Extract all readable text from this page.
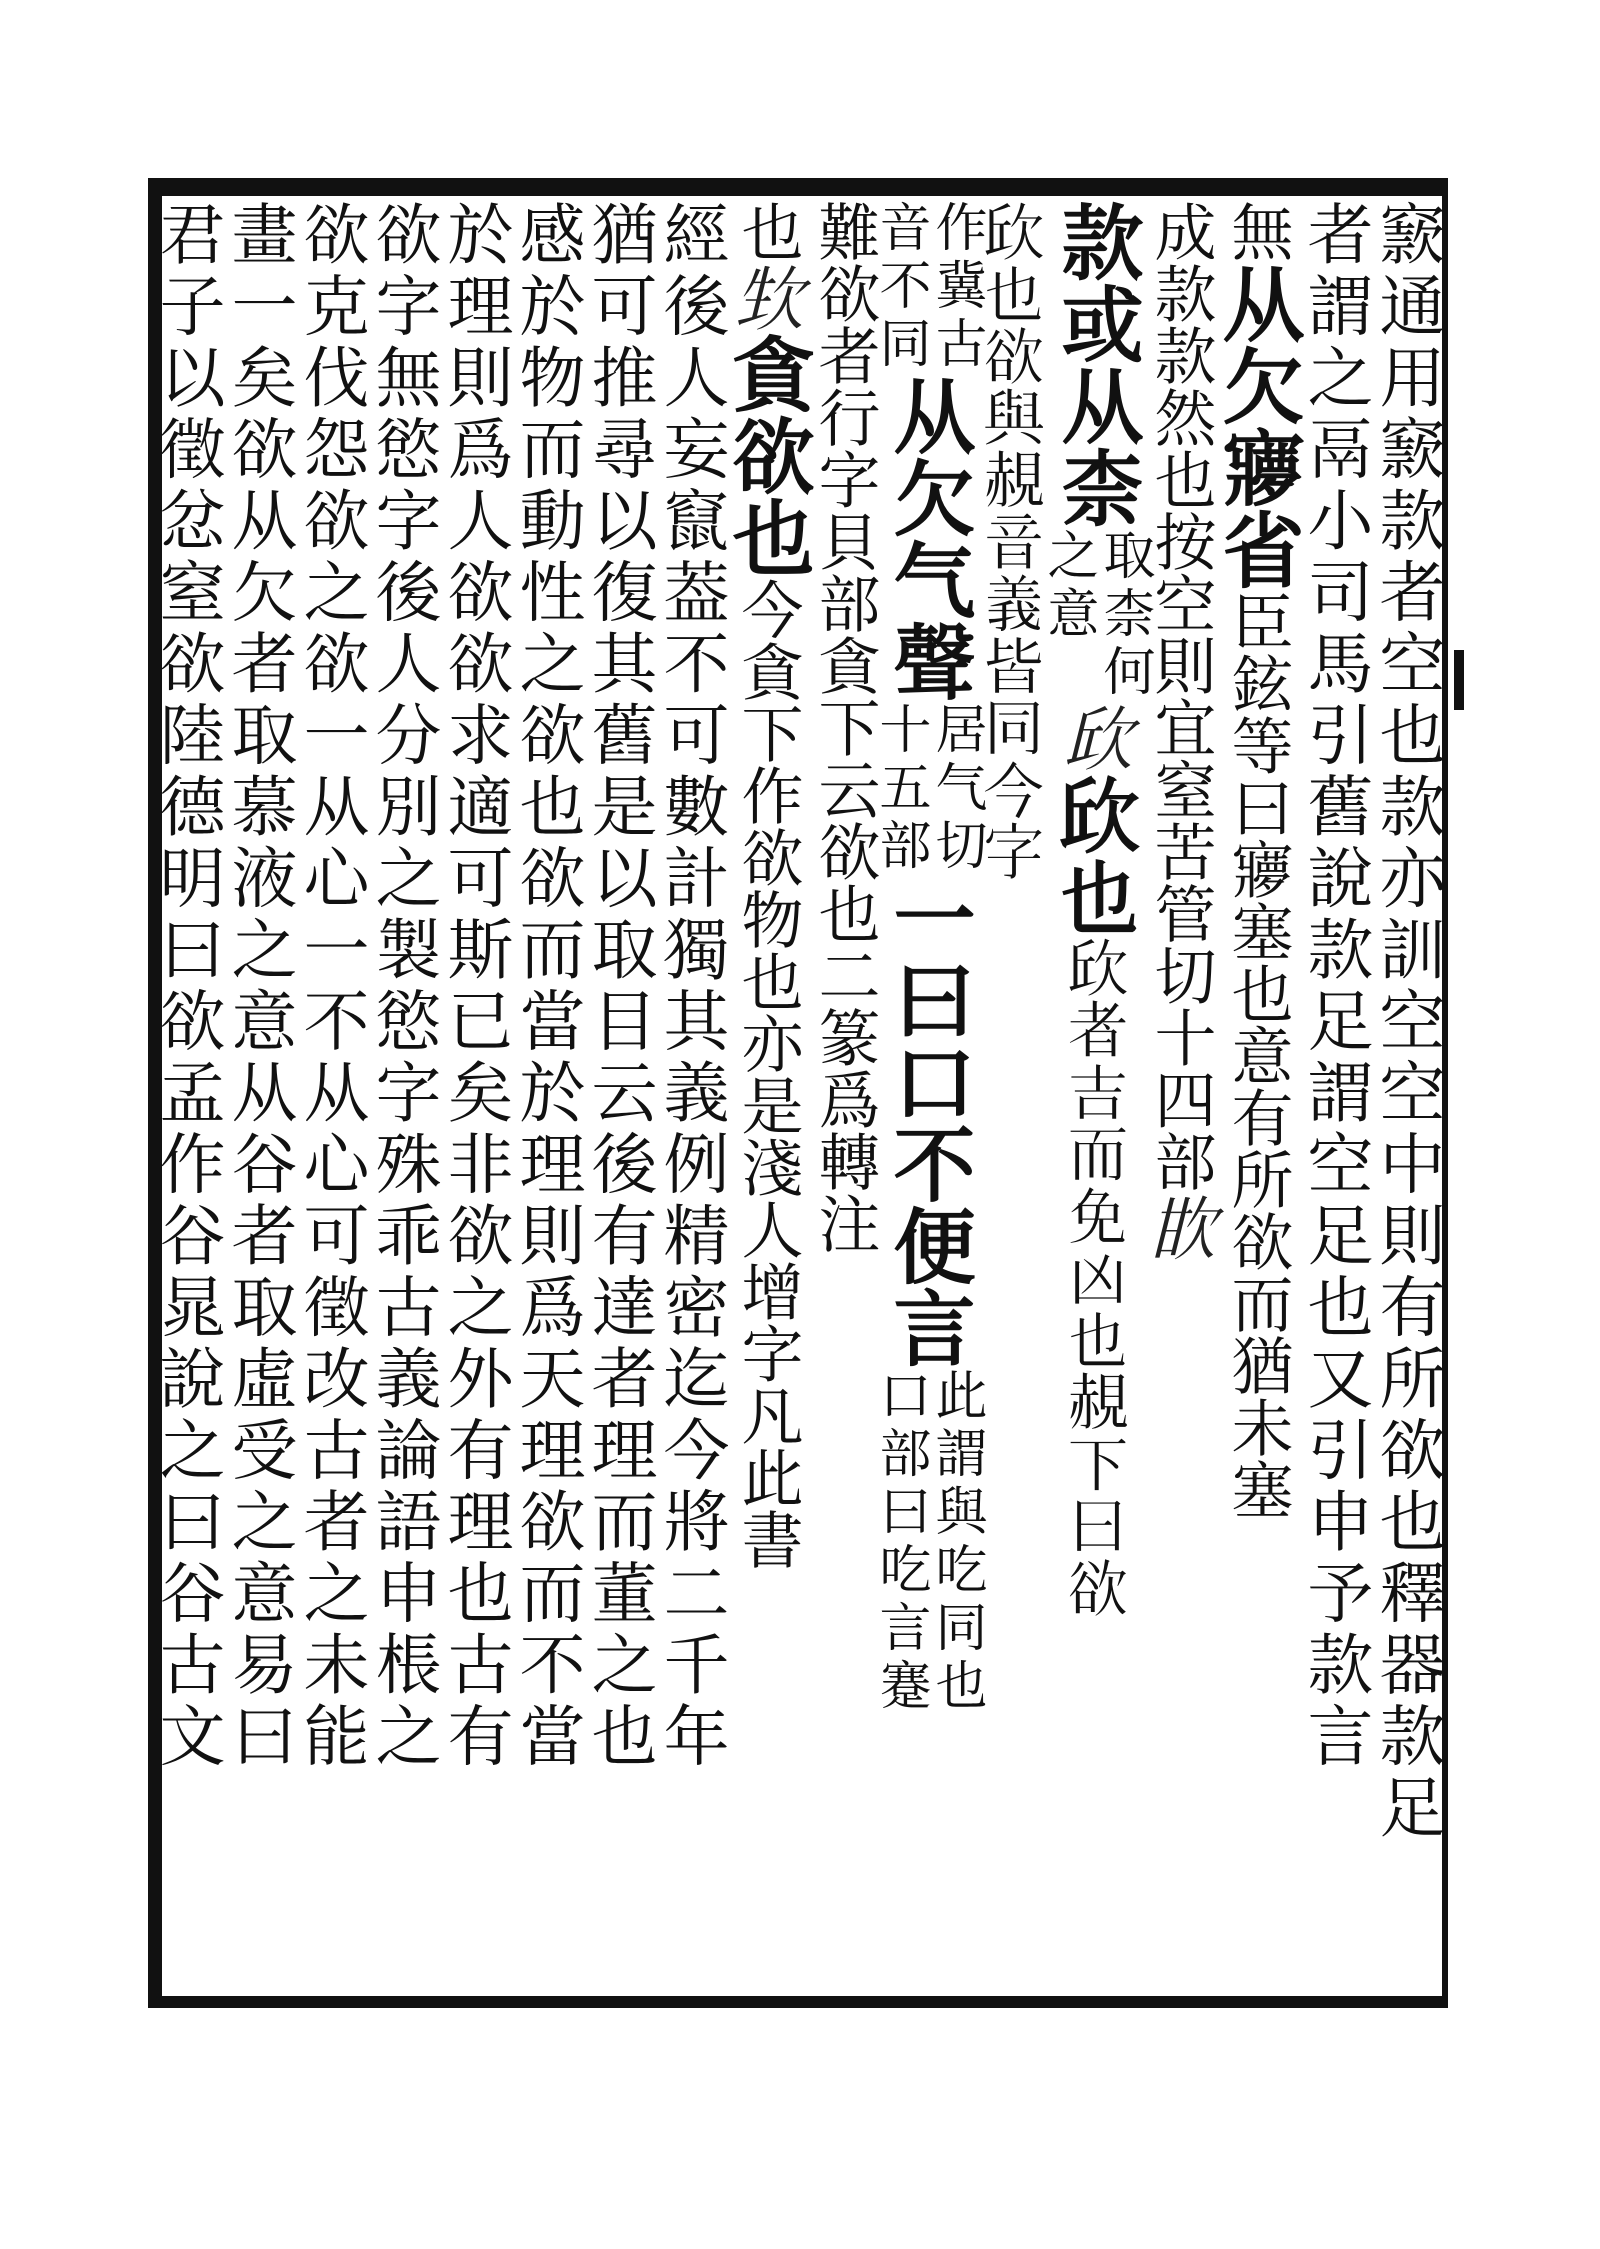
窾通用窾款者空也款亦訓空空中則有所欲也釋器款足
者謂之鬲小司馬引舊說款足謂空足也又引申予款言
無
从欠㝱省
臣鉉等曰㝱塞也意有所欲而猶未塞
成
款款然也按空則宜窒苦管切十四部
𣢟
款或从柰
取柰何
之意
𣢥
𣢥也
𣢥者吉而免凶也䚂下曰欲
𣢥也欲與䚂音義皆同今字
作冀古
音不同
从欠气聲
居气切
十五部
一曰口不便言
此謂與吃同也
口部曰吃言蹇
難
欲者行字貝部貪下云欲也二篆爲轉注
也
𣢡
貪欲也
今貪下作欲物也亦是淺人增字凡此書
經後人妄竄葢不可數計獨其義例精密迄今將二千年
猶可推尋以復其舊是以取目云後有達者理而董之也
感於物而動性之欲也欲而當於理則爲天理欲而不當
於理則爲人欲欲求適可斯已矣非欲之外有理也古有
欲字無慾字後人分別之製慾字殊乖古義論語申棖之
欲克伐怨欲之欲一从心一不从心可徵改古者之未能
畫一矣欲从欠者取慕液之意从谷者取虛受之意易曰
君子以徵忿窒欲陸德明曰欲孟作谷晁說之曰谷古文
